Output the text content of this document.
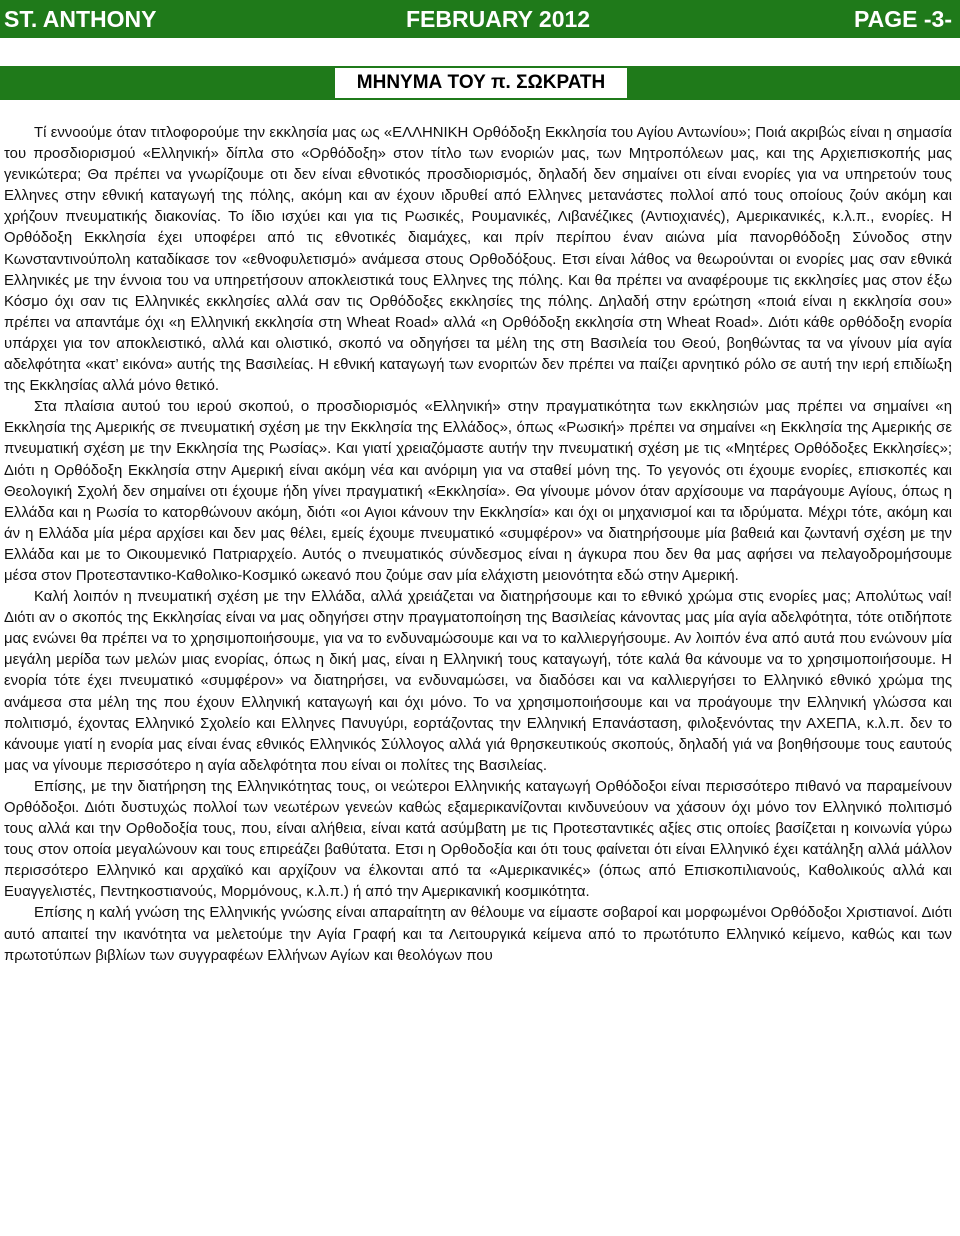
ST. ANTHONY	FEBRUARY 2012	PAGE -3-
ΜΗΝΥΜΑ ΤΟΥ π. ΣΩΚΡΑΤΗ

Τί εννοούμε όταν τιτλοφορούμε την εκκλησία μας ως «ΕΛΛΗΝΙΚΗ Ορθόδοξη Εκκλησία του Αγίου Αντωνίου»; Ποιά ακριβώς είναι η σημασία του προσδιορισμού «Ελληνική» δίπλα στο «Ορθόδοξη» στον τίτλο των ενοριών μας, των Μητροπόλεων μας, και της Αρχιεπισκοπής μας γενικώτερα; Θα πρέπει να γνωρίζουμε οτι δεν είναι εθνοτικός προσδιορισμός, δηλαδή δεν σημαίνει οτι είναι ενορίες για να υπηρετούν τους Ελληνες στην εθνική καταγωγή της πόλης, ακόμη και αν έχουν ιδρυθεί από Ελληνες μετανάστες πολλοί από τους οποίους ζούν ακόμη και χρήζουν πνευματικής διακονίας. Το ίδιο ισχύει και για τις Ρωσικές, Ρουμανικές, Λιβανέζικες (Αντιοχιανές), Αμερικανικές, κ.λ.π., ενορίες. Η Ορθόδοξη Εκκλησία έχει υποφέρει από τις εθνοτικές διαμάχες, και πρίν περίπου έναν αιώνα μία πανορθόδοξη Σύνοδος στην Κωνσταντινούπολη καταδίκασε τον «εθνοφυλετισμό» ανάμεσα στους Ορθοδόξους. Ετσι είναι λάθος να θεωρούνται οι ενορίες μας σαν εθνικά Ελληνικές με την έννοια του να υπηρετήσουν αποκλειστικά τους Ελληνες της πόλης. Και θα πρέπει να αναφέρουμε τις εκκλησίες μας στον έξω Κόσμο όχι σαν τις Ελληνικές εκκλησίες αλλά σαν τις Ορθόδοξες εκκλησίες της πόλης. Δηλαδή στην ερώτηση «ποιά είναι η εκκλησία σου» πρέπει να απαντάμε όχι «η Ελληνική εκκλησία στη Wheat Road» αλλά «η Ορθόδοξη εκκλησία στη Wheat Road». Διότι κάθε ορθόδοξη ενορία υπάρχει για τον αποκλειστικό, αλλά και ολιστικό, σκοπό να οδηγήσει τα μέλη της στη Βασιλεία του Θεού, βοηθώντας τα να γίνουν μία αγία αδελφότητα «κατ’ εικόνα» αυτής της Βασιλείας. Η εθνική καταγωγή των ενοριτών δεν πρέπει να παίζει αρνητικό ρόλο σε αυτή την ιερή επιδίωξη της Εκκλησίας αλλά μόνο θετικό.

Στα πλαίσια αυτού του ιερού σκοπού, ο προσδιορισμός «Ελληνική» στην πραγματικότητα των εκκλησιών μας πρέπει να σημαίνει «η Εκκλησία της Αμερικής σε πνευματική σχέση με την Εκκλησία της Ελλάδος», όπως «Ρωσική» πρέπει να σημαίνει «η Εκκλησία της Αμερικής σε πνευματική σχέση με την Εκκλησία της Ρωσίας». Και γιατί χρειαζόμαστε αυτήν την πνευματική σχέση με τις «Μητέρες Ορθόδοξες Εκκλησίες»; Διότι η Ορθόδοξη Εκκλησία στην Αμερική είναι ακόμη νέα και ανόριμη για να σταθεί μόνη της. Το γεγονός οτι έχουμε ενορίες, επισκοπές και Θεολογική Σχολή δεν σημαίνει οτι έχουμε ήδη γίνει πραγματική «Εκκλησία». Θα γίνουμε μόνον όταν αρχίσουμε να παράγουμε Αγίους, όπως η Ελλάδα και η Ρωσία το κατορθώνουν ακόμη, διότι «οι Αγιοι κάνουν την Εκκλησία» και όχι οι μηχανισμοί και τα ιδρύματα. Μέχρι τότε, ακόμη και άν η Ελλάδα μία μέρα αρχίσει και δεν μας θέλει, εμείς έχουμε πνευματικό «συμφέρον» να διατηρήσουμε μία βαθειά και ζωντανή σχέση με την Ελλάδα και με το Οικουμενικό Πατριαρχείο. Αυτός ο πνευματικός σύνδεσμος είναι η άγκυρα που δεν θα μας αφήσει να πελαγοδρομήσουμε μέσα στον Προτεσταντικο-Καθολικο-Κοσμικό ωκεανό που ζούμε σαν μία ελάχιστη μειονότητα εδώ στην Αμερική.

Καλή λοιπόν η πνευματική σχέση με την Ελλάδα, αλλά χρειάζεται να διατηρήσουμε και το εθνικό χρώμα στις ενορίες μας; Απολύτως ναί! Διότι αν ο σκοπός της Εκκλησίας είναι να μας οδηγήσει στην πραγματοποίηση της Βασιλείας κάνοντας μας μία αγία αδελφότητα, τότε οτιδήποτε μας ενώνει θα πρέπει να το χρησιμοποιήσουμε, για να το ενδυναμώσουμε και να το καλλιεργήσουμε. Αν λοιπόν ένα από αυτά που ενώνουν μία μεγάλη μερίδα των μελών μιας ενορίας, όπως η δική μας, είναι η Ελληνική τους καταγωγή, τότε καλά θα κάνουμε να το χρησιμοποιήσουμε. Η ενορία τότε έχει πνευματικό «συμφέρον» να διατηρήσει, να ενδυναμώσει, να διαδόσει και να καλλιεργήσει το Ελληνικό εθνικό χρώμα της ανάμεσα στα μέλη της που έχουν Ελληνική καταγωγή και όχι μόνο. Το να χρησιμοποιήσουμε και να προάγουμε την Ελληνική γλώσσα και πολιτισμό, έχοντας Ελληνικό Σχολείο και Ελληνες Πανυγύρι, εορτάζοντας την Ελληνική Επανάσταση, φιλοξενόντας την ΑΧΕΠΑ, κ.λ.π. δεν το κάνουμε γιατί η ενορία μας είναι ένας εθνικός Ελληνικός Σύλλογος αλλά γιά θρησκευτικούς σκοπούς, δηλαδή γιά να βοηθήσουμε τους εαυτούς μας να γίνουμε περισσότερο η αγία αδελφότητα που είναι οι πολίτες της Βασιλείας.

Επίσης, με την διατήρηση της Ελληνικότητας τους, οι νεώτεροι Ελληνικής καταγωγή Ορθόδοξοι είναι περισσότερο πιθανό να παραμείνουν Ορθόδοξοι. Διότι δυστυχώς πολλοί των νεωτέρων γενεών καθώς εξαμερικανίζονται κινδυνεύουν να χάσουν όχι μόνο τον Ελληνικό πολιτισμό τους αλλά και την Ορθοδοξία τους, που, είναι αλήθεια, είναι κατά ασύμβατη με τις Προτεσταντικές αξίες στις οποίες βασίζεται η κοινωνία γύρω τους στον οποία μεγαλώνουν και τους επιρεάζει βαθύτατα. Ετσι η Ορθοδοξία και ότι τους φαίνεται ότι είναι Ελληνικό έχει κατάληξη αλλά μάλλον περισσότερο Ελληνικό και αρχαϊκό και αρχίζουν να έλκονται από τα «Αμερικανικές» (όπως από Επισκοπιλιανούς, Καθολικούς αλλά και Ευαγγελιστές, Πεντηκοστιανούς, Μορμόνους, κ.λ.π.) ή από την Αμερικανική κοσμικότητα.

Επίσης η καλή γνώση της Ελληνικής γνώσης είναι απαραίτητη αν θέλουμε να είμαστε σοβαροί και μορφωμένοι Ορθόδοξοι Χριστιανοί. Διότι αυτό απαιτεί την ικανότητα να μελετούμε την Αγία Γραφή και τα Λειτουργικά κείμενα από το πρωτότυπο Ελληνικό κείμενο, καθώς και των πρωτοτύπων βιβλίων των συγγραφέων Ελλήνων Αγίων και θεολόγων που
